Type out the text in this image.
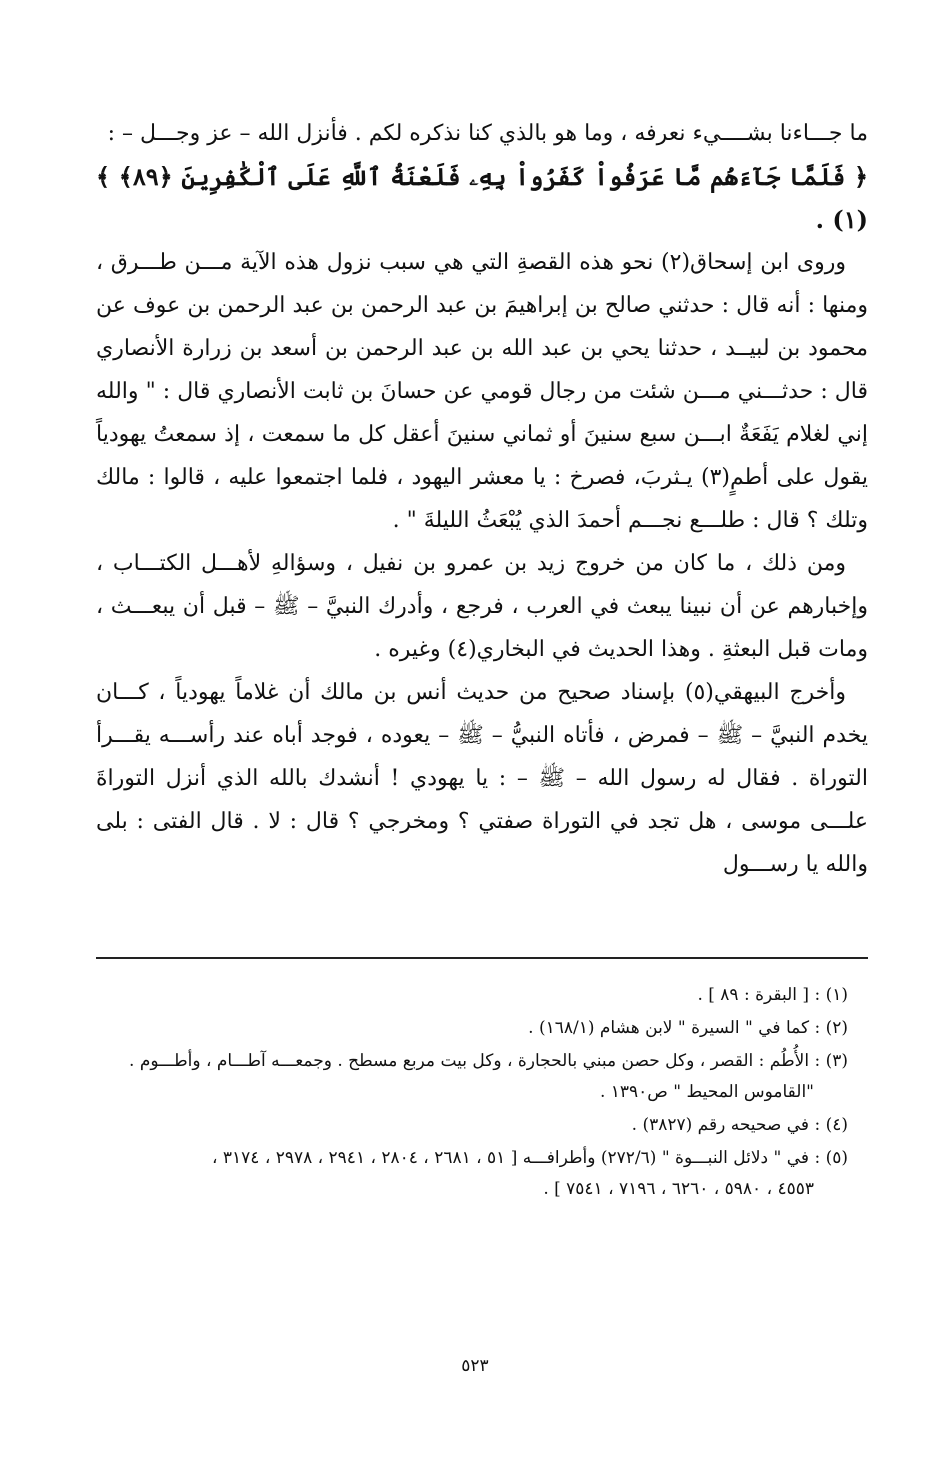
ما جـــاءنا بشــــيء نعرفه ، وما هو بالذي كنا نذكره لكم . فأنزل الله – عز وجـــل – :

﴿ فَلَمَّا جَآءَهُم مَّا عَرَفُواْ كَفَرُواْ بِهِۦ فَلَعْنَةُ ٱللَّهِ عَلَى ٱلْكَٰفِرِينَ ﴿٨٩﴾ ﴾(١) .

وروى ابن إسحاق(٢) نحو هذه القصةِ التي هي سبب نزول هذه الآية مـــن طـــرق ، ومنها : أنه قال : حدثني صالح بن إبراهيمَ بن عبد الرحمن بن عبد الرحمن بن عوف عن محمود بن لبيــد ، حدثنا يحي بن عبد الله بن عبد الرحمن بن أسعد بن زرارة الأنصاري قال : حدثـــني مـــن شئت من رجال قومي عن حسانَ بن ثابت الأنصاري قال : " والله إني لغلام يَفَعَةٌ ابـــن سبع سنينَ أو ثماني سنينَ أعقل كل ما سمعت ، إذ سمعتُ يهودياً يقول على أطمٍ(٣) يـثربَ، فصرخ : يا معشر اليهود ، فلما اجتمعوا عليه ، قالوا : مالك وتلك ؟ قال : طلـــع نجـــم أحمدَ الذي يُبْعَثُ الليلةَ " .

ومن ذلك ، ما كان من خروج زيد بن عمرو بن نفيل ، وسؤالهِ لأهـــل الكتـــاب ، وإخبارهم عن أن نبينا يبعث في العرب ، فرجع ، وأدرك النبيَّ – ﷺ – قبل أن يبعـــث ، ومات قبل البعثةِ . وهذا الحديث في البخاري(٤) وغيره .

وأخرج البيهقي(٥) بإسناد صحيح من حديث أنس بن مالك أن غلاماً يهودياً ، كـــان يخدم النبيَّ – ﷺ – فمرض ، فأتاه النبيُّ – ﷺ – يعوده ، فوجد أباه عند رأســـه يقـــرأ التوراة . فقال له رسول الله – ﷺ – : يا يهودي ! أنشدك بالله الذي أنزل التوراةَ علـــى موسى ، هل تجد في التوراة صفتي ؟ ومخرجي ؟ قال : لا . قال الفتى : بلى والله يا رســـول

(١) : [ البقرة : ٨٩ ] .

(٢) : كما في " السيرة " لابن هشام (١٦٨/١) .

(٣) : الأُطُم : القصر ، وكل حصن مبني بالحجارة ، وكل بيت مربع مسطح . وجمعـــه آطـــام ، وأطـــوم .
"القاموس المحيط " ص١٣٩٠ .

(٤) : في صحيحه رقم (٣٨٢٧) .

(٥) : في " دلائل النبـــوة " (٢٧٢/٦) وأطرافـــه [ ٥١ ، ٢٦٨١ ، ٢٨٠٤ ، ٢٩٤١ ، ٢٩٧٨ ، ٣١٧٤ ،
٤٥٥٣ ، ٥٩٨٠ ، ٦٢٦٠ ، ٧١٩٦ ، ٧٥٤١ ] .

٥٢٣
